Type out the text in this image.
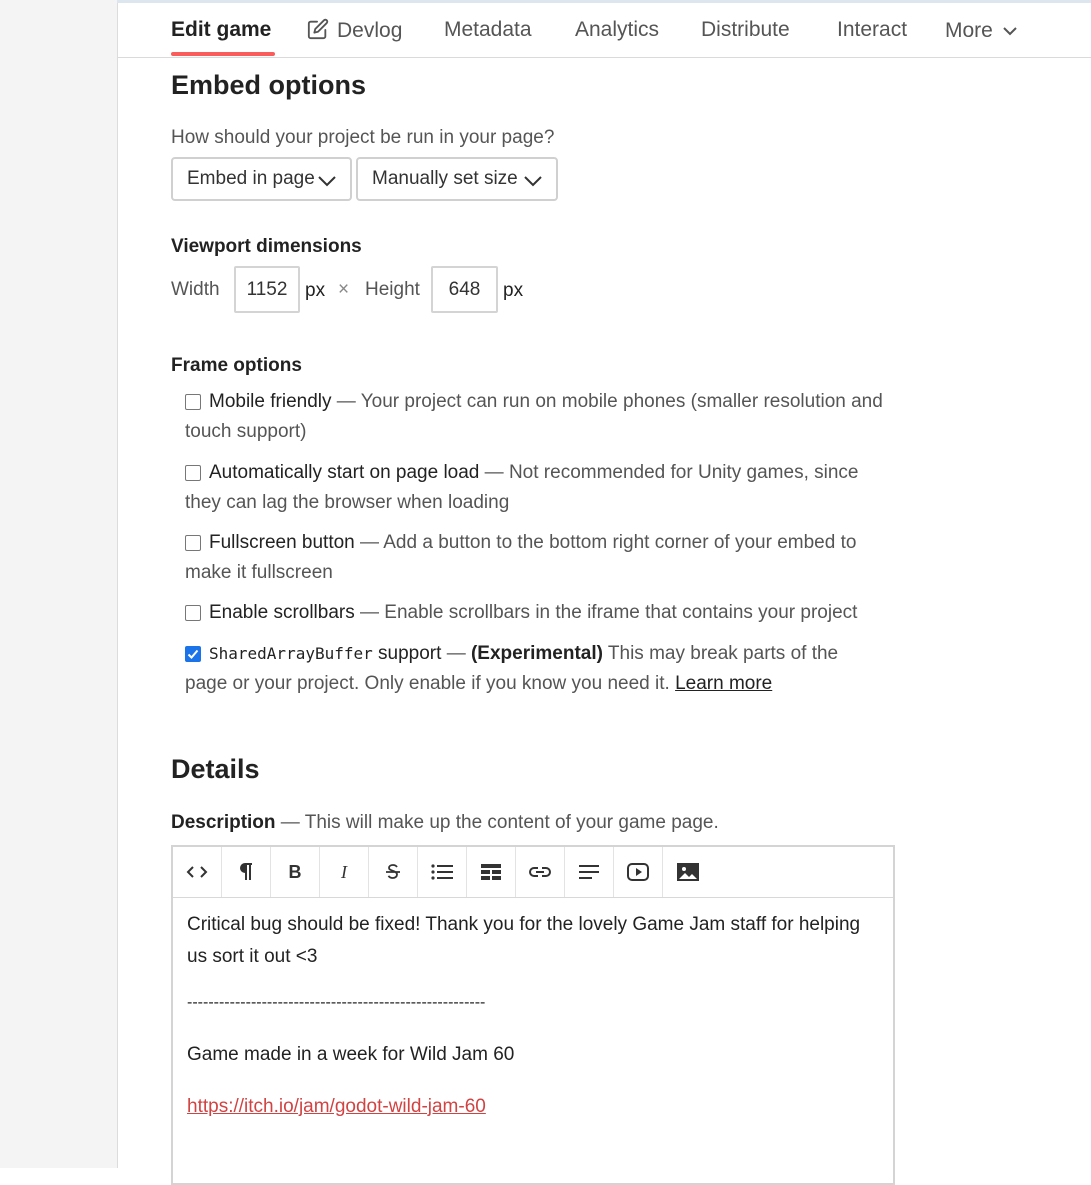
Edit game	Devlog Metadata Analytics Distribute Interact More
Embed options
How should your project be run in your page?
Embed in page	Manually set size
Viewport dimensions
Width	1152 px × Height	648	px
Frame options
Mobile friendly — Your project can run on mobile phones (smaller resolution and touch support)
Automatically start on page load — Not recommended for Unity games, since they can lag the browser when loading
Fullscreen button — Add a button to the bottom right corner of your embed to make it fullscreen
Enable scrollbars — Enable scrollbars in the iframe that contains your project
SharedArrayBuffer support — (Experimental) This may break parts of the page or your project. Only enable if you know you need it. Learn more
Details
Description — This will make up the content of your game page.
B	I

Critical bug should be fixed! Thank you for the lovely Game Jam staff for helping us sort it out <3

--------------------------------------------------------

Game made in a week for Wild Jam 60

https://itch.io/jam/godot-wild-jam-60
